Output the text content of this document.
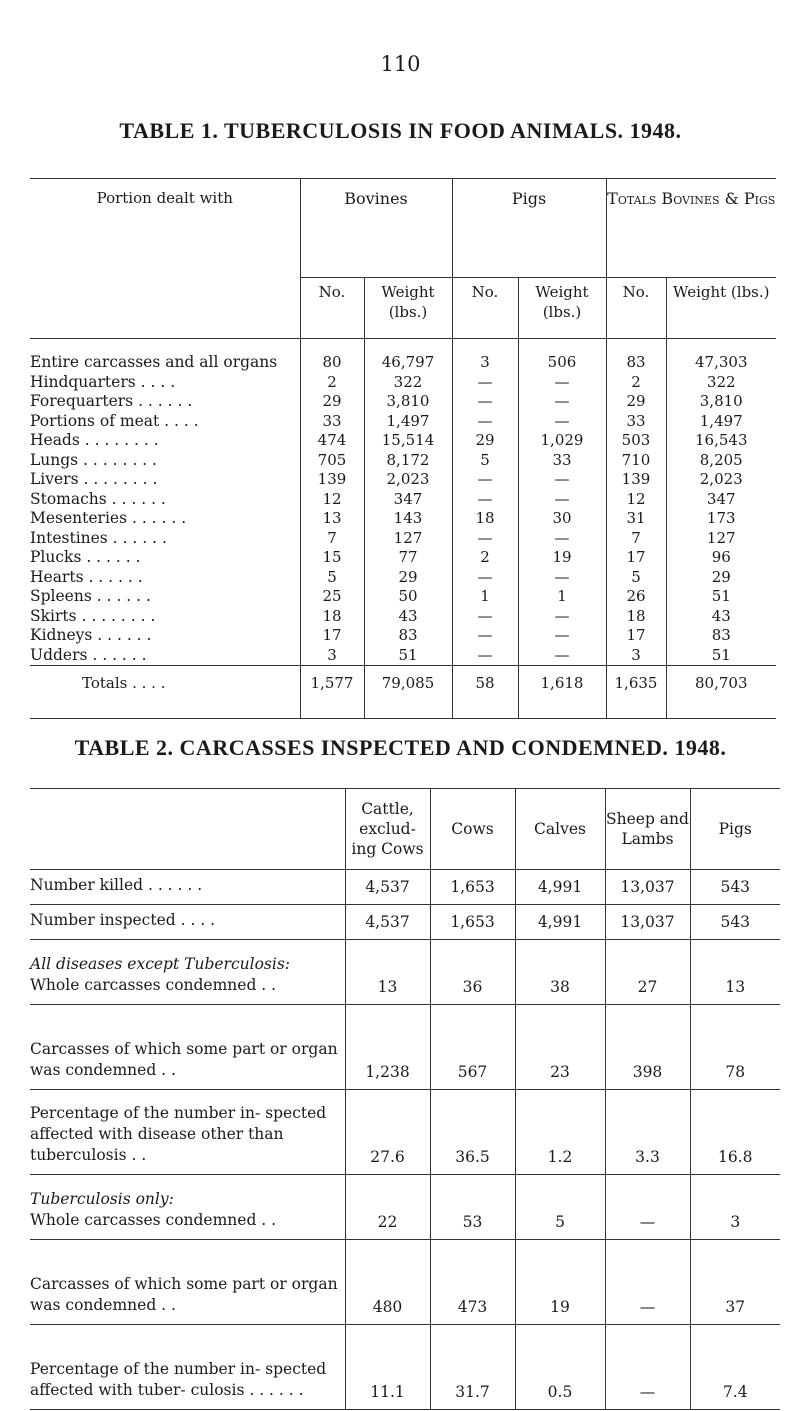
110
TABLE 1. TUBERCULOSIS IN FOOD ANIMALS. 1948.
Portion dealt with	Bovines		Pigs		Totals Bovines & Pigs	
	No.	Weight (lbs.)	No.	Weight (lbs.)	No.	Weight (lbs.)
Entire carcasses and all organs	80	46,797	3	506	83	47,303
Hindquarters . . . .	2	322	—	—	2	322
Forequarters . . . . . .	29	3,810	—	—	29	3,810
Portions of meat . . . .	33	1,497	—	—	33	1,497
Heads . . . . . . . .	474	15,514	29	1,029	503	16,543
Lungs . . . . . . . .	705	8,172	5	33	710	8,205
Livers . . . . . . . .	139	2,023	—	—	139	2,023
Stomachs . . . . . .	12	347	—	—	12	347
Mesenteries . . . . . .	13	143	18	30	31	173
Intestines . . . . . .	7	127	—	—	7	127
Plucks . . . . . .	15	77	2	19	17	96
Hearts . . . . . .	5	29	—	—	5	29
Spleens . . . . . .	25	50	1	1	26	51
Skirts . . . . . . . .	18	43	—	—	18	43
Kidneys . . . . . .	17	83	—	—	17	83
Udders . . . . . .	3	51	—	—	3	51
Totals . . . .	1,577	79,085	58	1,618	1,635	80,703
TABLE 2. CARCASSES INSPECTED AND CONDEMNED. 1948.
	Cattle, exclud- ing Cows	Cows	Calves	Sheep and Lambs	Pigs

Number killed . . . . . .	4,537	1,653	4,991	13,037	543

Number inspected . . . .	4,537	1,653	4,991	13,037	543

All diseases except Tuberculosis:
Whole carcasses condemned . .	13	36	38	27	13

Carcasses of which some part or organ was condemned . .	1,238	567	23	398	78

Percentage of the number in- spected affected with disease other than tuberculosis . .	27.6	36.5	1.2	3.3	16.8

Tuberculosis only:
Whole carcasses condemned . .	22	53	5	—	3

Carcasses of which some part or organ was condemned . .	480	473	19	—	37

Percentage of the number in- spected affected with tuber- culosis . . . . . .	11.1	31.7	0.5	—	7.4
